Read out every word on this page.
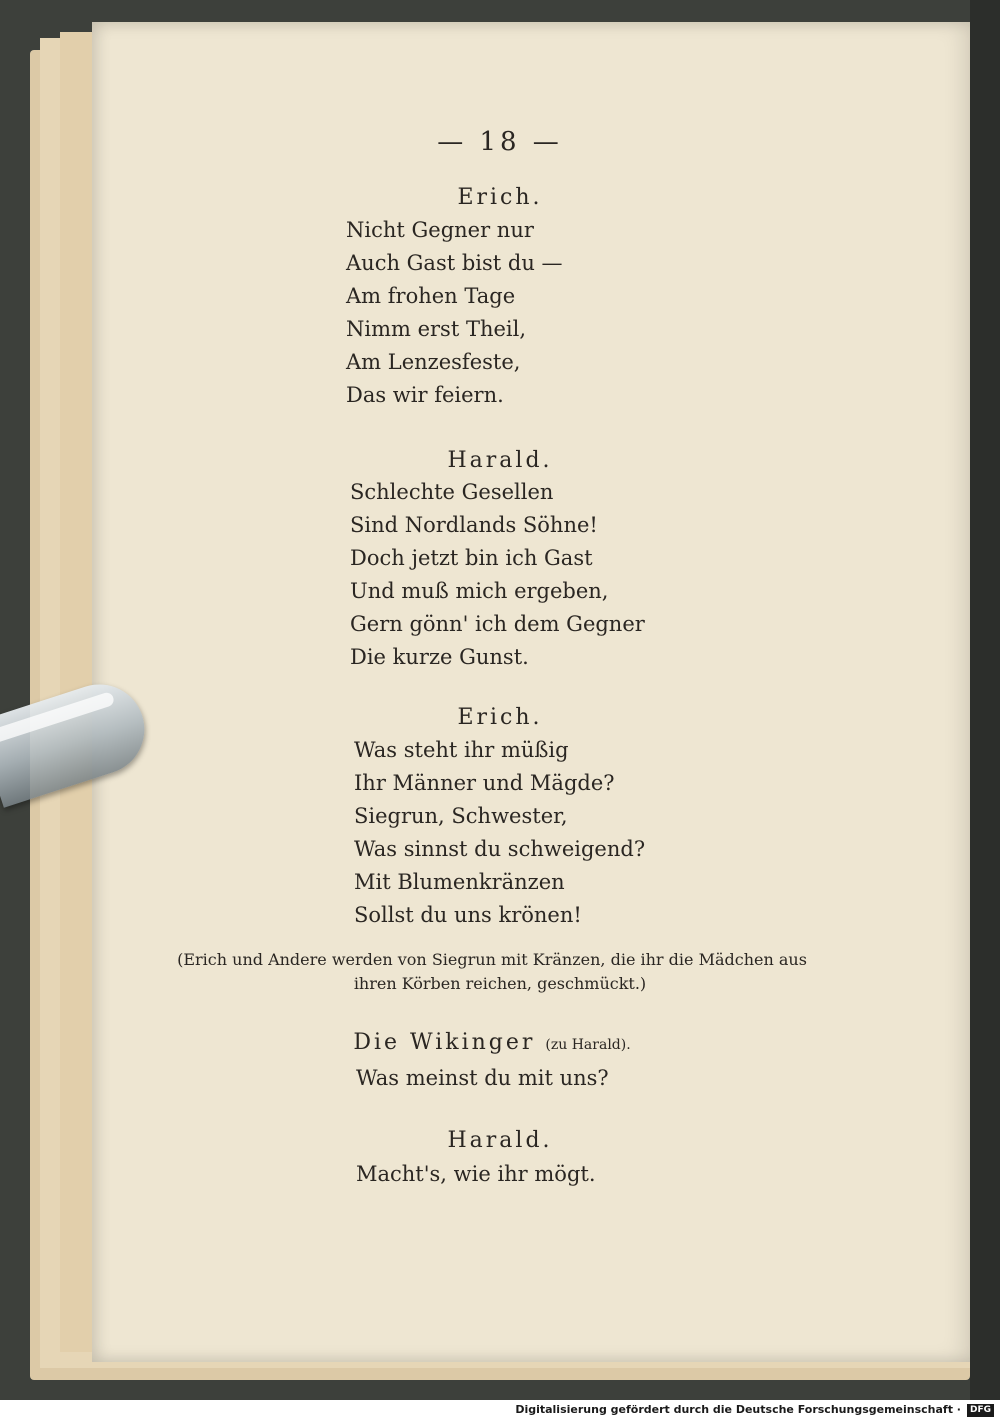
— 18 —
Erich.
Nicht Gegner nur
Auch Gast bist du —
Am frohen Tage
Nimm erst Theil,
Am Lenzesfeste,
Das wir feiern.
Harald.
Schlechte Gesellen
Sind Nordlands Söhne!
Doch jetzt bin ich Gast
Und muß mich ergeben,
Gern gönn' ich dem Gegner
Die kurze Gunst.
Erich.
Was steht ihr müßig
Ihr Männer und Mägde?
Siegrun, Schwester,
Was sinnst du schweigend?
Mit Blumenkränzen
Sollst du uns krönen!
(Erich und Andere werden von Siegrun mit Kränzen, die ihr die Mädchen aus
ihren Körben reichen, geschmückt.)
Die Wikinger (zu Harald).
Was meinst du mit uns?
Harald.
Macht's, wie ihr mögt.
Digitalisierung gefördert durch die Deutsche Forschungsgemeinschaft · DFG
